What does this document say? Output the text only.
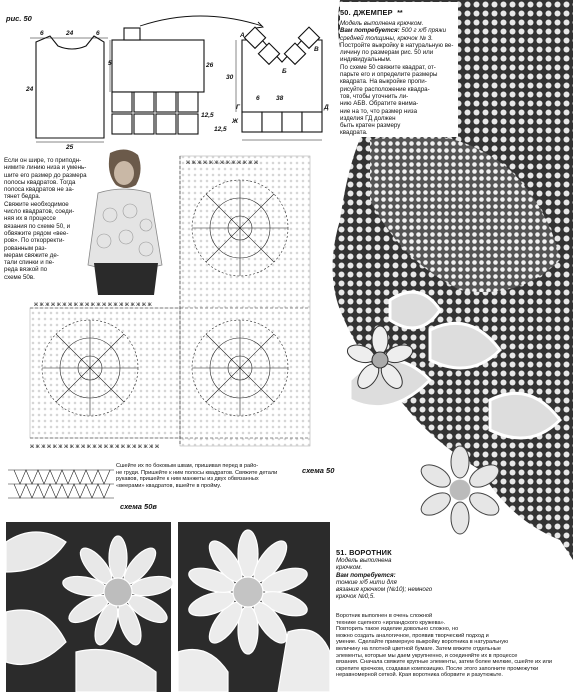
рис. 50
6	24	6
5
24
25
26
12,5
Ж
30
12,5
38
6
А
Б
В
Г	Д
50. ДЖЕМПЕР **
Модель выполнена крючком.
Вам потребуется: 500 г х/б пряжи средней толщины, крючок № 3.
Постройте выкройку в натуральную ве-
личину по размерам рис. 50 или
индивидуальным.
По схеме 50 свяжите квадрат, от-
парьте его и определите размеры
квадрата. На выкройке пропи-
рисуйте расположение квадра-
тов, чтобы уточнить ли-
нию АБВ. Обратите внима-
ние на то, что размер низа
изделия ГД должен
быть кратен размеру
квадрата.
Если он шире, то приподн-
нимите линию низа и умень-
шите его размер до размера
полосы квадратов. Тогда
полоса квадратов не за-
тянет бедра.
Свяжите необходимое
число квадратов, соеди-
няя их в процессе
вязания по схеме 50, и
обвяжите рядом «вее-
ров». По откорректи-
рованным раз-
мерам свяжите де-
тали спинки и пе-
реда вязкой по
схеме 50в.
ж ж ж ж ж ж ж ж ж ж ж ж ж
ж ж ж ж ж ж ж ж ж ж ж ж ж ж ж ж ж ж ж ж ж
ж ж ж ж ж ж ж ж ж ж ж ж ж ж ж ж ж ж ж ж ж ж ж
Сшейте их по боковым швам, пришивая перед в райо-
не груди. Пришейте к ним полосы квадратов. Свяжите детали
рукавов, пришейте к ним манжеты из двух обвязанных
«веерами» квадратов, вшейте в пройму.
схема 50
схема 50в
51. ВОРОТНИК
Модель выполнена
крючком.
Вам потребуется:
тонкие х/б нити для
вязания крючком (№10); немного
крючок №0,5.
Воротник выполнен в очень сложной
технике сцепного «ирландского кружева».
Повторить такое изделие довольно сложно, но
можно создать аналогичное, проявив творческий подход и
умение. Сделайте примерную выкройку воротника в натуральную
величину на плотной цветной бумаге. Затем вяжите отдельные
элементы, которые мы даем укрупненно, и соединяйте их в процессе
вязания. Сначала свяжите крупные элементы, затем более мелкие, сшейте их или
скрепите крючком, создавая композицию. После этого заполните промежутки
неравномерной сеткой. Края воротника оборвите и разутюжьте.
